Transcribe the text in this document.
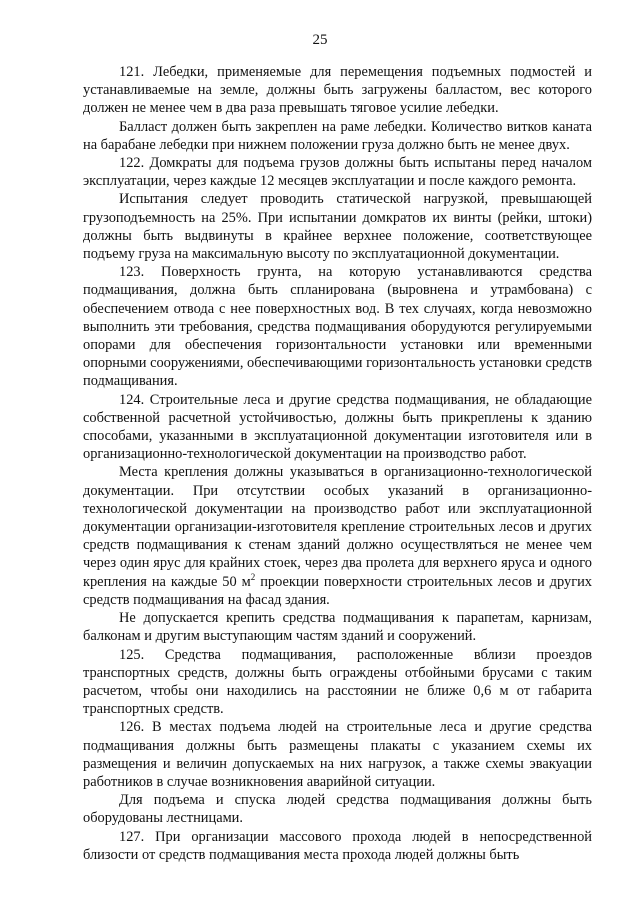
25

121. Лебедки, применяемые для перемещения подъемных подмостей и устанавливаемые на земле, должны быть загружены балластом, вес которого должен не менее чем в два раза превышать тяговое усилие лебедки.

Балласт должен быть закреплен на раме лебедки. Количество витков каната на барабане лебедки при нижнем положении груза должно быть не менее двух.

122. Домкраты для подъема грузов должны быть испытаны перед началом эксплуатации, через каждые 12 месяцев эксплуатации и после каждого ремонта.

Испытания следует проводить статической нагрузкой, превышающей грузоподъемность на 25%. При испытании домкратов их винты (рейки, штоки) должны быть выдвинуты в крайнее верхнее положение, соответствующее подъему груза на максимальную высоту по эксплуатационной документации.

123. Поверхность грунта, на которую устанавливаются средства подмащивания, должна быть спланирована (выровнена и утрамбована) с обеспечением отвода с нее поверхностных вод. В тех случаях, когда невозможно выполнить эти требования, средства подмащивания оборудуются регулируемыми опорами для обеспечения горизонтальности установки или временными опорными сооружениями, обеспечивающими горизонтальность установки средств подмащивания.

124. Строительные леса и другие средства подмащивания, не обладающие собственной расчетной устойчивостью, должны быть прикреплены к зданию способами, указанными в эксплуатационной документации изготовителя или в организационно-технологической документации на производство работ.

Места крепления должны указываться в организационно-технологической документации. При отсутствии особых указаний в организационно-технологической документации на производство работ или эксплуатационной документации организации-изготовителя крепление строительных лесов и других средств подмащивания к стенам зданий должно осуществляться не менее чем через один ярус для крайних стоек, через два пролета для верхнего яруса и одного крепления на каждые 50 $м^2$ проекции поверхности строительных лесов и других средств подмащивания на фасад здания.

Не допускается крепить средства подмащивания к парапетам, карнизам, балконам и другим выступающим частям зданий и сооружений.

125. Средства подмащивания, расположенные вблизи проездов транспортных средств, должны быть ограждены отбойными брусами с таким расчетом, чтобы они находились на расстоянии не ближе 0,6 м от габарита транспортных средств.

126. В местах подъема людей на строительные леса и другие средства подмащивания должны быть размещены плакаты с указанием схемы их размещения и величин допускаемых на них нагрузок, а также схемы эвакуации работников в случае возникновения аварийной ситуации.

Для подъема и спуска людей средства подмащивания должны быть оборудованы лестницами.

127. При организации массового прохода людей в непосредственной близости от средств подмащивания места прохода людей должны быть
